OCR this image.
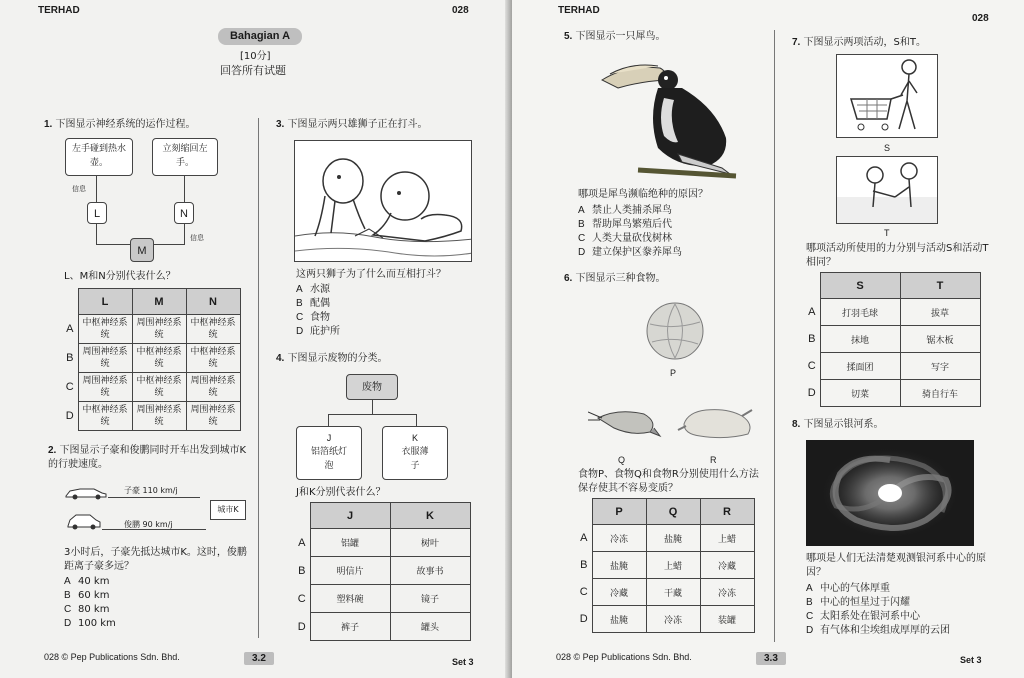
TERHAD	028
Bahagian A
[10分]
回答所有试题
1. 下图显示神经系统的运作过程。
左手碰到热水壶。
立刻缩回左手。
信息
L	N
M
信息
L、M和N分别代表什么？
	L	M	N
A	中枢神经系统	周围神经系统	中枢神经系统
B	周围神经系统	中枢神经系统	中枢神经系统
C	周围神经系统	中枢神经系统	周围神经系统
D	中枢神经系统	周围神经系统	周围神经系统
2. 下图显示子豪和俊鹏同时开车出发到城市K的行驶速度。
子豪 110 km/j
俊鹏 90 km/j
城市K
3小时后，子豪先抵达城市K。这时，俊鹏距离子豪多远？
A 40 km
B 60 km
C 80 km
D 100 km
3. 下图显示两只雄狮子正在打斗。
这两只狮子为了什么而互相打斗？
A 水源
B 配偶
C 食物
D 庇护所
4. 下图显示废物的分类。
废物
J
铝箔纸灯泡
K
衣服薄子
J和K分别代表什么？
	J	K
A	铝罐	树叶
B	明信片	故事书
C	塑料碗	镜子
D	裤子	罐头
028 © Pep Publications Sdn. Bhd.	3.2	Set 3
TERHAD
028
5. 下图显示一只犀鸟。
哪项是犀鸟濒临绝种的原因？
A 禁止人类捕杀犀鸟
B 帮助犀鸟繁殖后代
C 人类大量砍伐树林
D 建立保护区豢养犀鸟
6. 下图显示三种食物。
P
Q	R
食物P、食物Q和食物R分别使用什么方法保存使其不容易变质？
	P	Q	R
A	冷冻	盐腌	上蜡
B	盐腌	上蜡	冷藏
C	冷藏	干藏	冷冻
D	盐腌	冷冻	装罐
7. 下图显示两项活动，S和T。
S
T
哪项活动所使用的力分别与活动S和活动T相同？
	S	T
A	打羽毛球	拔草
B	抹地	锯木板
C	揉面团	写字
D	切菜	骑自行车
8. 下图显示银河系。
哪项是人们无法清楚观测银河系中心的原因？
A 中心的气体厚重
B 中心的恒星过于闪耀
C 太阳系处在银河系中心
D 有气体和尘埃组成厚厚的云团
028 © Pep Publications Sdn. Bhd.	3.3	Set 3
